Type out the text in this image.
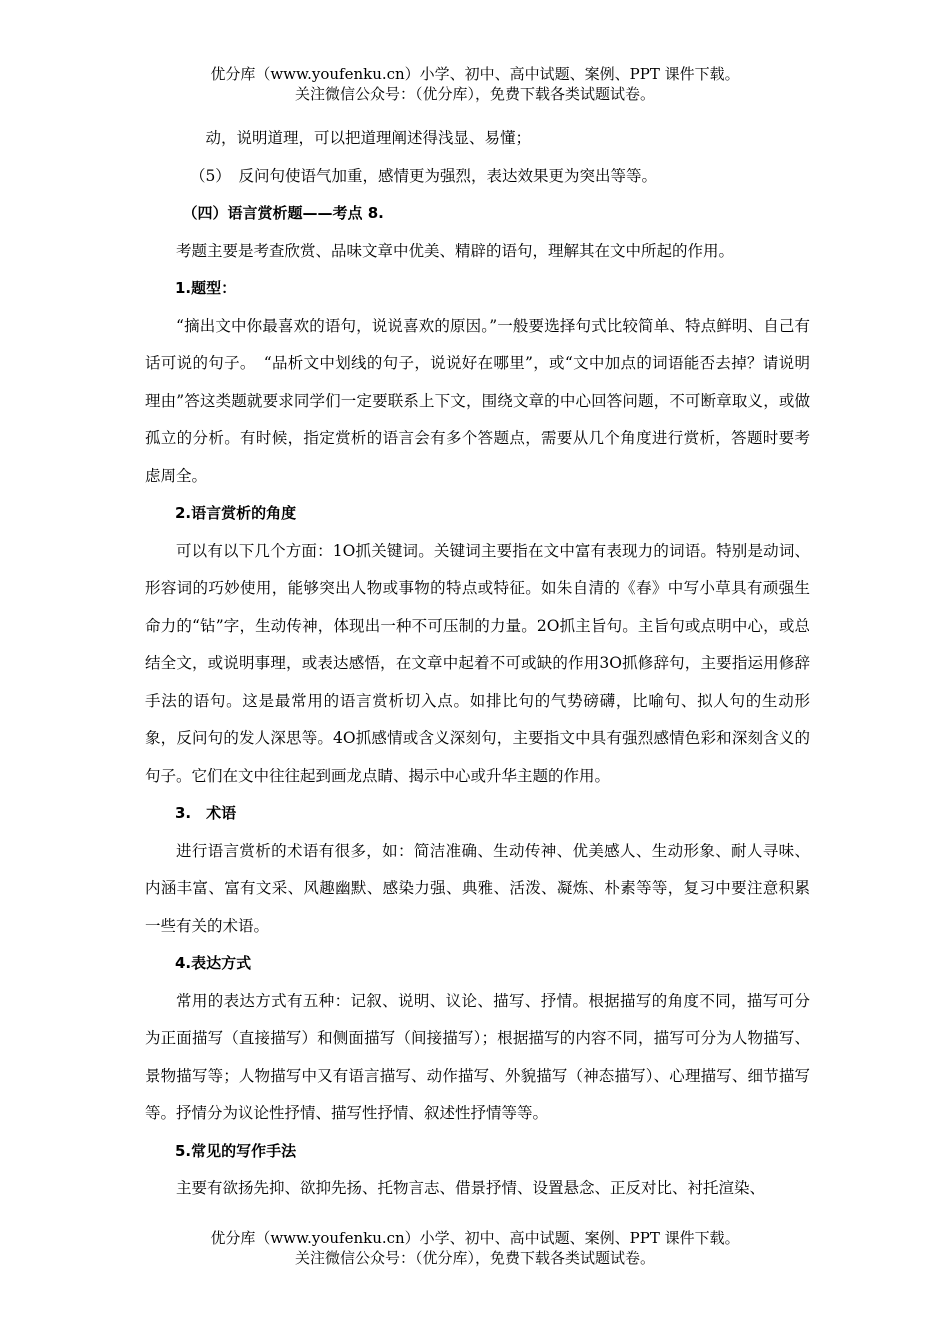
优分库（www.youfenku.cn）小学、初中、高中试题、案例、PPT 课件下载。
关注微信公众号：（优分库），免费下载各类试题试卷。

动，说明道理，可以把道理阐述得浅显、易懂；

（5）　反问句使语气加重，感情更为强烈，表达效果更为突出等等。

（四）语言赏析题——考点 8.

考题主要是考查欣赏、品味文章中优美、精辟的语句，理解其在文中所起的作用。

1.题型：

“摘出文中你最喜欢的语句，说说喜欢的原因。”一般要选择句式比较简单、特点鲜明、自己有话可说的句子。　“品析文中划线的句子，说说好在哪里”，或“文中加点的词语能否去掉？请说明理由”答这类题就要求同学们一定要联系上下文，围绕文章的中心回答问题，不可断章取义，或做孤立的分析。有时候，指定赏析的语言会有多个答题点，需要从几个角度进行赏析，答题时要考虑周全。

2.语言赏析的角度

可以有以下几个方面：1O抓关键词。关键词主要指在文中富有表现力的词语。特别是动词、形容词的巧妙使用，能够突出人物或事物的特点或特征。如朱自清的《春》中写小草具有顽强生命力的“钻”字，生动传神，体现出一种不可压制的力量。2O抓主旨句。主旨句或点明中心，或总结全文，或说明事理，或表达感悟，在文章中起着不可或缺的作用3O抓修辞句，主要指运用修辞手法的语句。这是最常用的语言赏析切入点。如排比句的气势磅礴，比喻句、拟人句的生动形象，反问句的发人深思等。4O抓感情或含义深刻句，主要指文中具有强烈感情色彩和深刻含义的句子。它们在文中往往起到画龙点睛、揭示中心或升华主题的作用。

3.　术语

进行语言赏析的术语有很多，如：简洁准确、生动传神、优美感人、生动形象、耐人寻味、内涵丰富、富有文采、风趣幽默、感染力强、典雅、活泼、凝炼、朴素等等，复习中要注意积累一些有关的术语。

4.表达方式

常用的表达方式有五种：记叙、说明、议论、描写、抒情。根据描写的角度不同，描写可分为正面描写（直接描写）和侧面描写（间接描写）；根据描写的内容不同，描写可分为人物描写、景物描写等；人物描写中又有语言描写、动作描写、外貌描写（神态描写）、心理描写、细节描写等。抒情分为议论性抒情、描写性抒情、叙述性抒情等等。

5.常见的写作手法

主要有欲扬先抑、欲抑先扬、托物言志、借景抒情、设置悬念、正反对比、衬托渲染、

优分库（www.youfenku.cn）小学、初中、高中试题、案例、PPT 课件下载。
关注微信公众号：（优分库），免费下载各类试题试卷。
